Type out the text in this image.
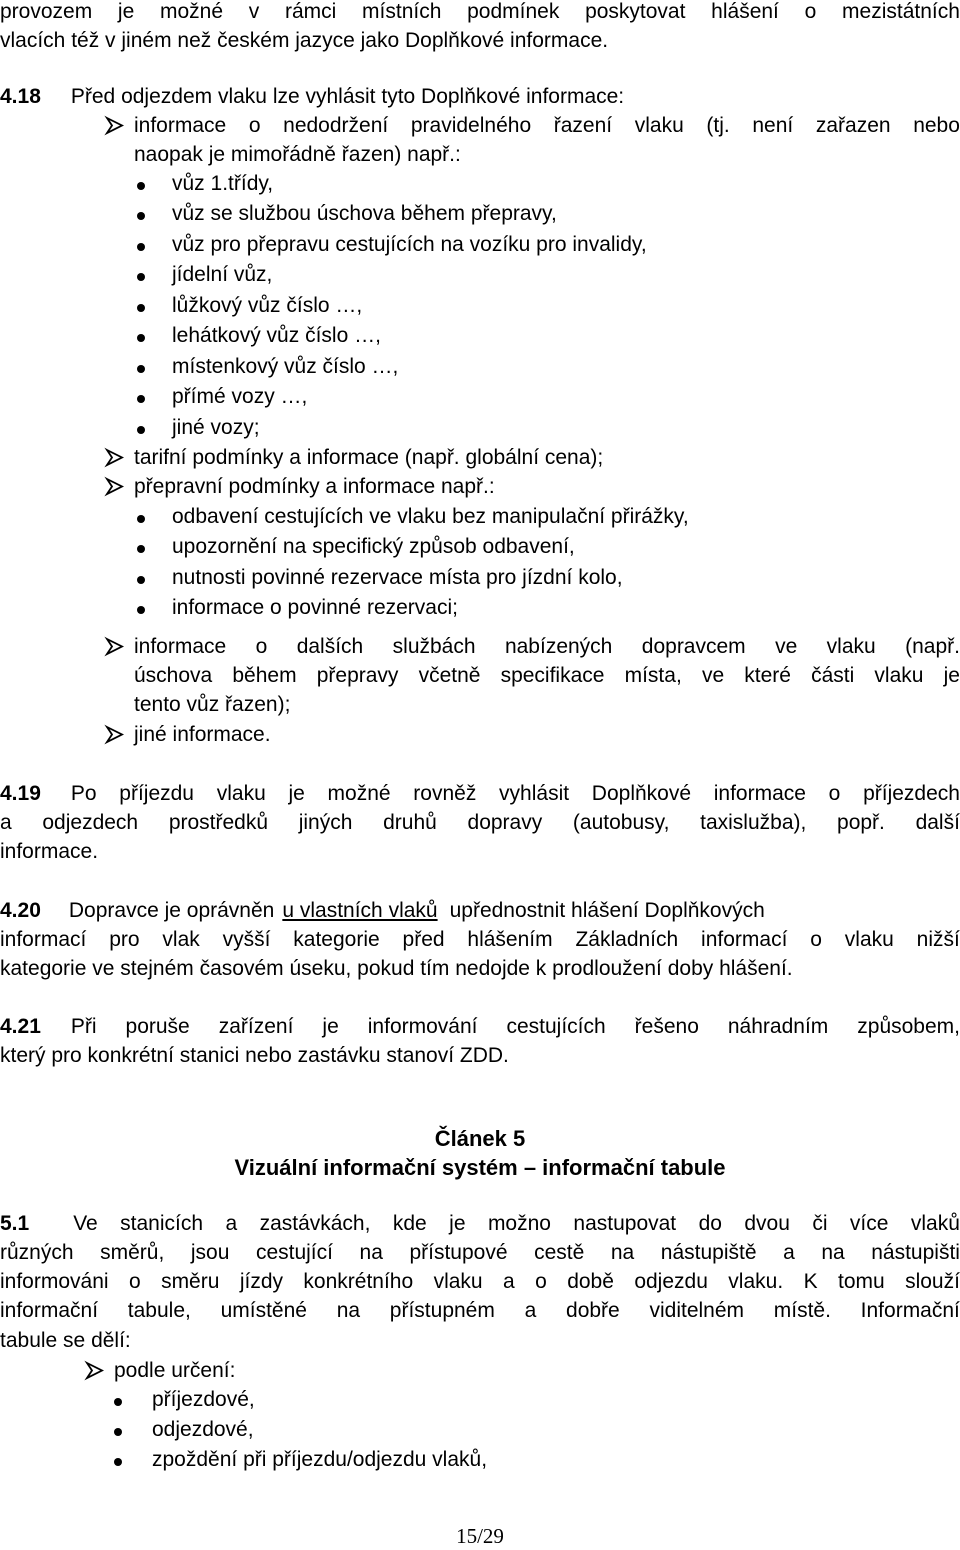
provozem je možné v rámci místních podmínek poskytovat hlášení o mezistátních
vlacích též v jiném než českém jazyce jako Doplňkové informace.
4.18 Před odjezdem vlaku lze vyhlásit tyto Doplňkové informace:
informace o nedodržení pravidelného řazení vlaku (tj. není zařazen nebo
naopak je mimořádně řazen) např.:
vůz 1.třídy,
vůz se službou úschova během přepravy,
vůz pro přepravu cestujících na vozíku pro invalidy,
jídelní vůz,
lůžkový vůz číslo …,
lehátkový vůz číslo …,
místenkový vůz číslo …,
přímé vozy …,
jiné vozy;
tarifní podmínky a informace (např. globální cena);
přepravní podmínky a informace např.:
odbavení cestujících ve vlaku bez manipulační přirážky,
upozornění na specifický způsob odbavení,
nutnosti povinné rezervace místa pro jízdní kolo,
informace o povinné rezervaci;
informace o dalších službách nabízených dopravcem ve vlaku (např.
úschova během přepravy včetně specifikace místa, ve které části vlaku je
tento vůz řazen);
jiné informace.
4.19	Po příjezdu vlaku je možné rovněž vyhlásit Doplňkové informace o příjezdech
a odjezdech prostředků jiných druhů dopravy (autobusy, taxislužba), popř. další
informace.
4.20 Dopravce je oprávněn u vlastních vlaků upřednostnit hlášení Doplňkových
informací pro vlak vyšší kategorie před hlášením Základních informací o vlaku nižší
kategorie ve stejném časovém úseku, pokud tím nedojde k prodloužení doby hlášení.
4.21	Při poruše zařízení je informování cestujících řešeno náhradním způsobem,
který pro konkrétní stanici nebo zastávku stanoví ZDD.
Článek 5
Vizuální informační systém – informační tabule
5.1	Ve stanicích a zastávkách, kde je možno nastupovat do dvou či více vlaků
různých směrů, jsou cestující na přístupové cestě na nástupiště a na nástupišti
informováni o směru jízdy konkrétního vlaku a o době odjezdu vlaku. K tomu slouží
informační tabule, umístěné na přístupném a dobře viditelném místě. Informační
tabule se dělí:
podle určení:
příjezdové,
odjezdové,
zpoždění při příjezdu/odjezdu vlaků,
15/29
